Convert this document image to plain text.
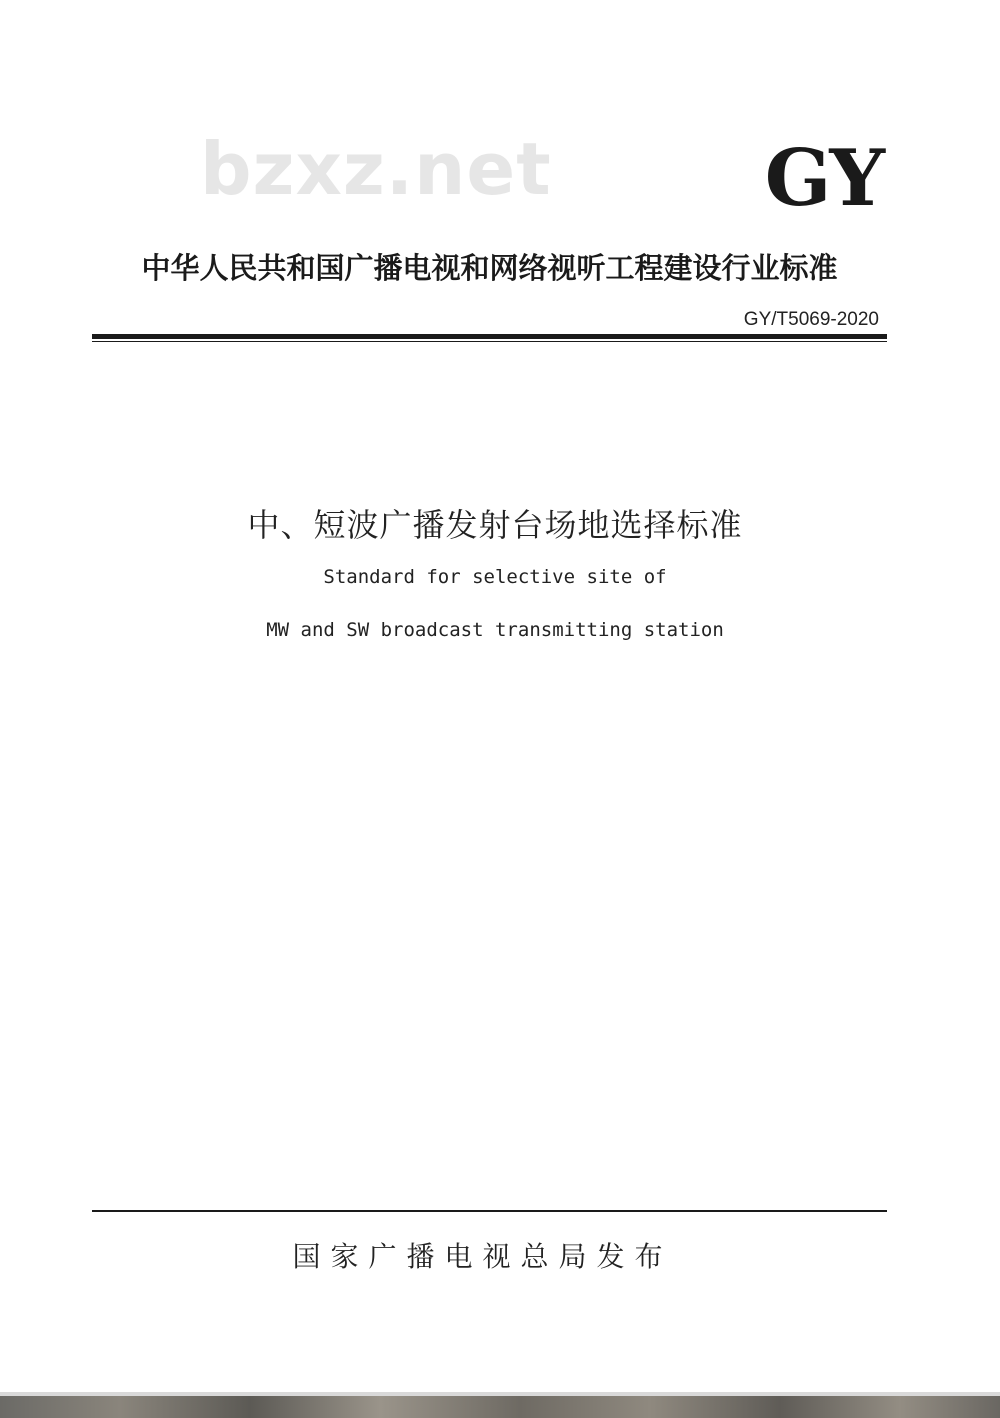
bzxz.net	GY
中华人民共和国广播电视和网络视听工程建设行业标准
GY/T5069-2020
中、短波广播发射台场地选择标准
Standard for selective site of
MW and SW broadcast transmitting station
国家广播电视总局发布
